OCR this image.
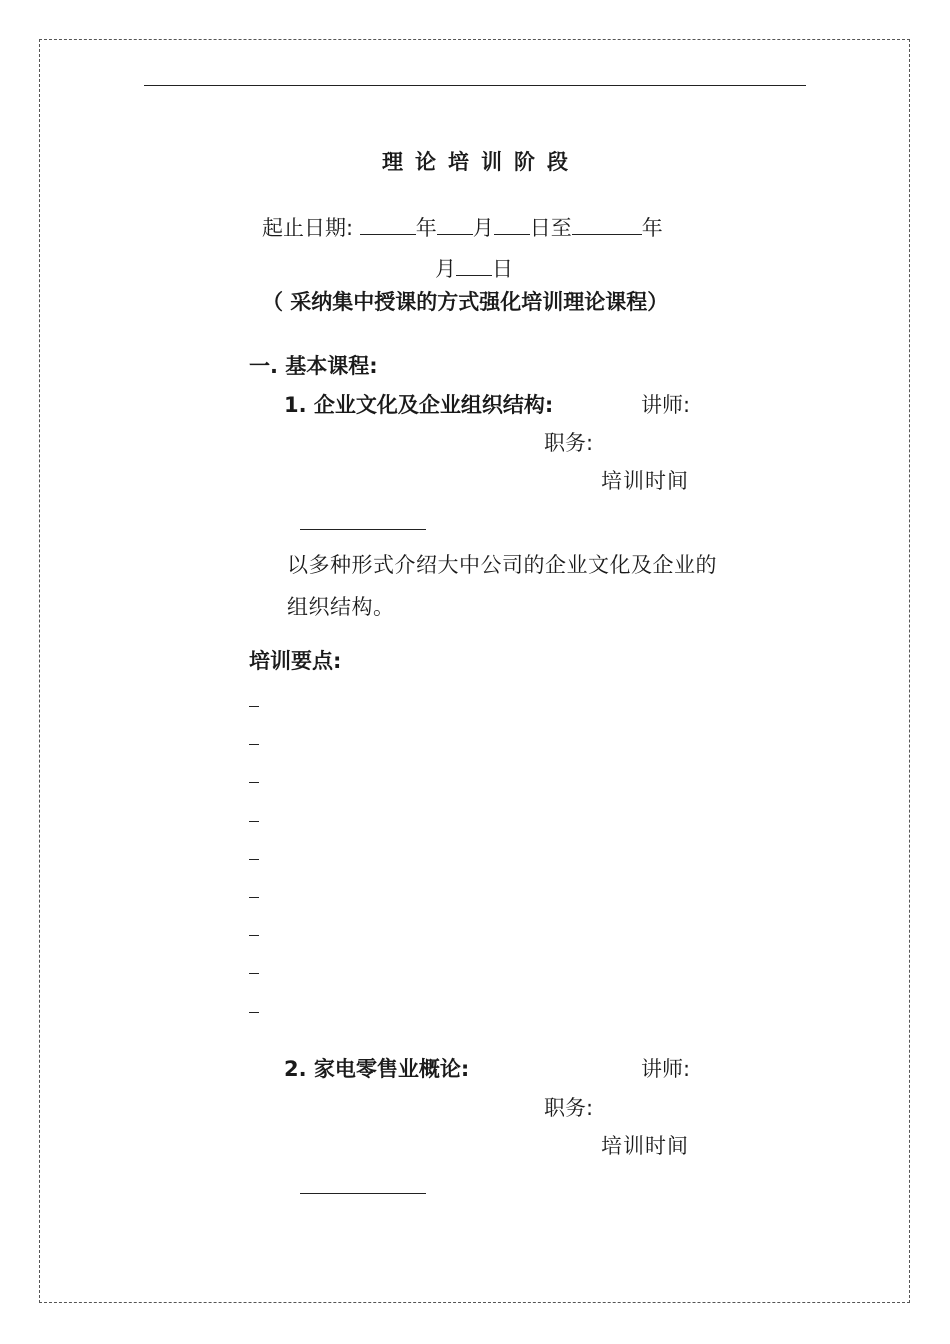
理论培训阶段
起止日期:	年 月 日至	年
月 日
（ 采纳集中授课的方式强化培训理论课程）
一. 基本课程:
1. 企业文化及企业组织结构:	讲师:
职务:
培训时间
以多种形式介绍大中公司的企业文化及企业的组织结构。
培训要点:
2. 家电零售业概论:	讲师:
职务:
培训时间
